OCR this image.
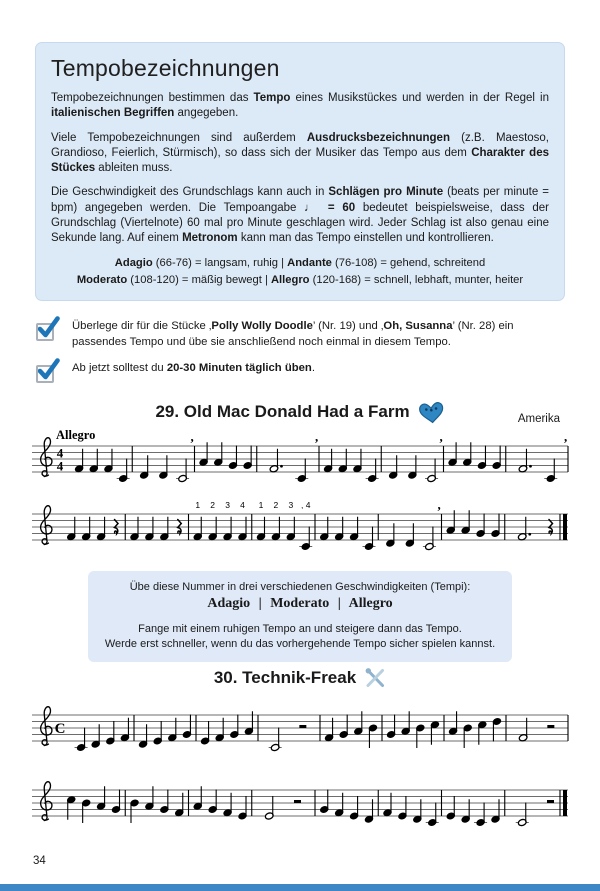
Tempobezeichnungen

Tempobezeichnungen bestimmen das Tempo eines Musikstückes und werden in der Regel in italienischen Begriffen angegeben.

Viele Tempobezeichnungen sind außerdem Ausdrucksbezeichnungen (z.B. Maestoso, Grandioso, Feierlich, Stürmisch), so dass sich der Musiker das Tempo aus dem Charakter des Stückes ableiten muss.

Die Geschwindigkeit des Grundschlags kann auch in Schlägen pro Minute (beats per minute = bpm) angegeben werden. Die Tempoangabe ♩ = 60 bedeutet beispielsweise, dass der Grundschlag (Viertelnote) 60 mal pro Minute geschlagen wird. Jeder Schlag ist also genau eine Sekunde lang. Auf einem Metronom kann man das Tempo einstellen und kontrollieren.

Adagio (66-76) = langsam, ruhig | Andante (76-108) = gehend, schreitend

Moderato (108-120) = mäßig bewegt | Allegro (120-168) = schnell, lebhaft, munter, heiter

Überlege dir für die Stücke ‚Polly Wolly Doodle’ (Nr. 19) und ‚Oh, Susanna’ (Nr. 28) ein passendes Tempo und übe sie anschließend noch einmal in diesem Tempo.

Ab jetzt solltest du 20-30 Minuten täglich üben.

29. Old Mac Donald Had a Farm	Amerika
4
4
Allegro	,	,	,	,
1 2 3 4 1 2 3 , 4	,

Übe diese Nummer in drei verschiedenen Geschwindigkeiten (Tempi):

Adagio | Moderato | Allegro

Fange mit einem ruhigen Tempo an und steigere dann das Tempo.

Werde erst schneller, wenn du das vorhergehende Tempo sicher spielen kannst.

30. Technik-Freak
C
34
